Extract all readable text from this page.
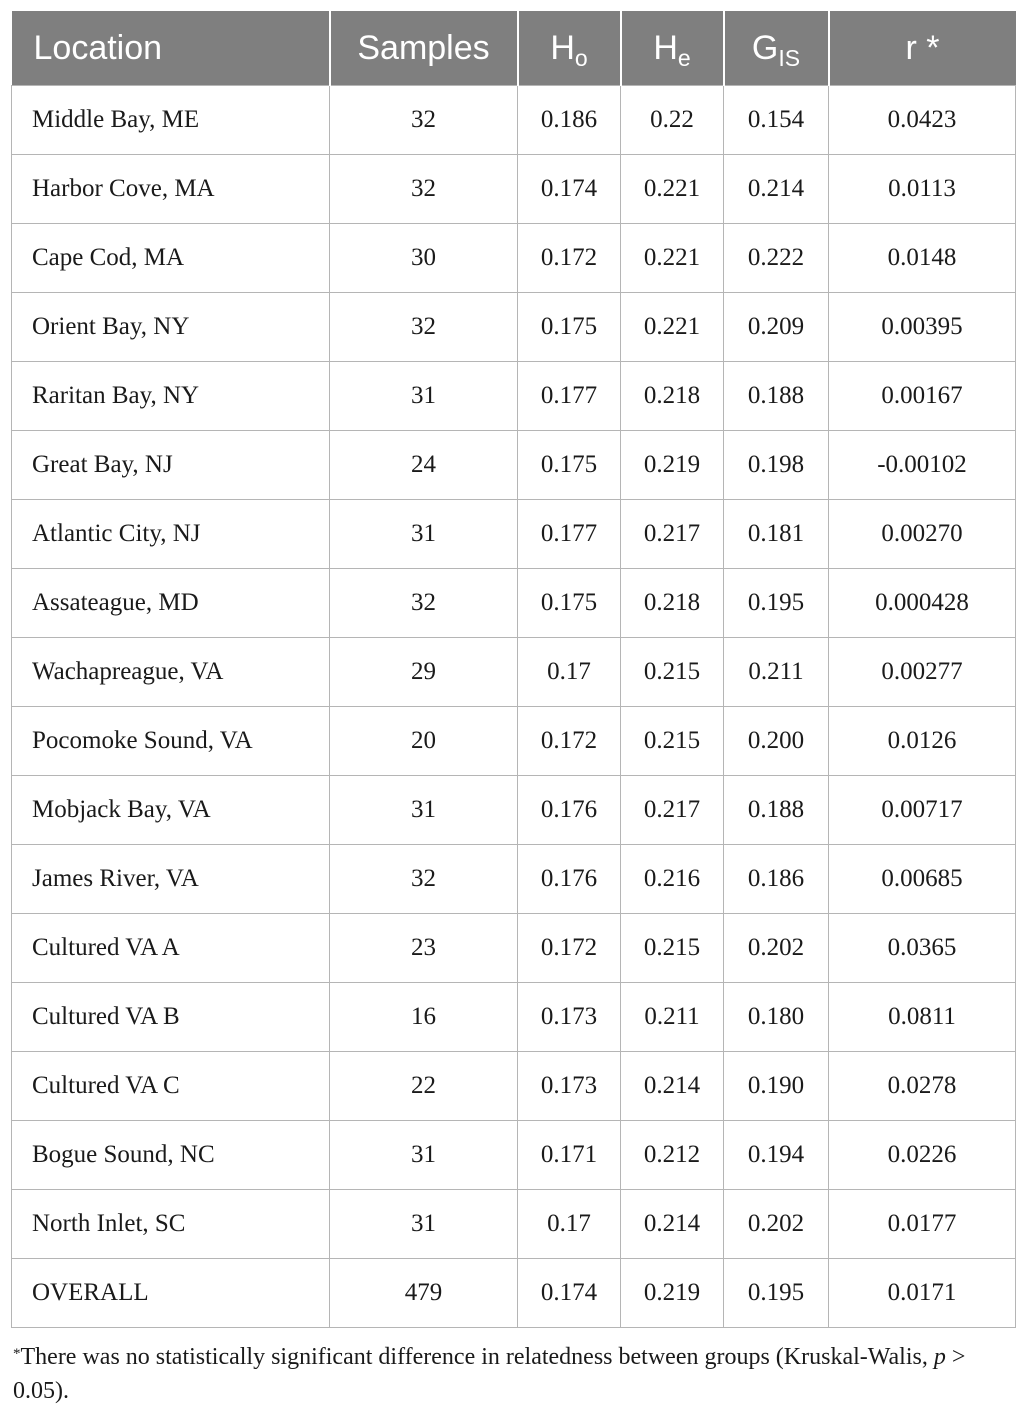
Location	Samples	$H_o$	$H_e$	$G_{IS}$	r *
Middle Bay, ME	32	0.186	0.22	0.154	0.0423
Harbor Cove, MA	32	0.174	0.221	0.214	0.0113
Cape Cod, MA	30	0.172	0.221	0.222	0.0148
Orient Bay, NY	32	0.175	0.221	0.209	0.00395
Raritan Bay, NY	31	0.177	0.218	0.188	0.00167
Great Bay, NJ	24	0.175	0.219	0.198	-0.00102
Atlantic City, NJ	31	0.177	0.217	0.181	0.00270
Assateague, MD	32	0.175	0.218	0.195	0.000428
Wachapreague, VA	29	0.17	0.215	0.211	0.00277
Pocomoke Sound, VA	20	0.172	0.215	0.200	0.0126
Mobjack Bay, VA	31	0.176	0.217	0.188	0.00717
James River, VA	32	0.176	0.216	0.186	0.00685
Cultured VA A	23	0.172	0.215	0.202	0.0365
Cultured VA B	16	0.173	0.211	0.180	0.0811
Cultured VA C	22	0.173	0.214	0.190	0.0278
Bogue Sound, NC	31	0.171	0.212	0.194	0.0226
North Inlet, SC	31	0.17	0.214	0.202	0.0177
OVERALL	479	0.174	0.219	0.195	0.0171
*There was no statistically significant difference in relatedness between groups (Kruskal-Walis, p > 0.05).
